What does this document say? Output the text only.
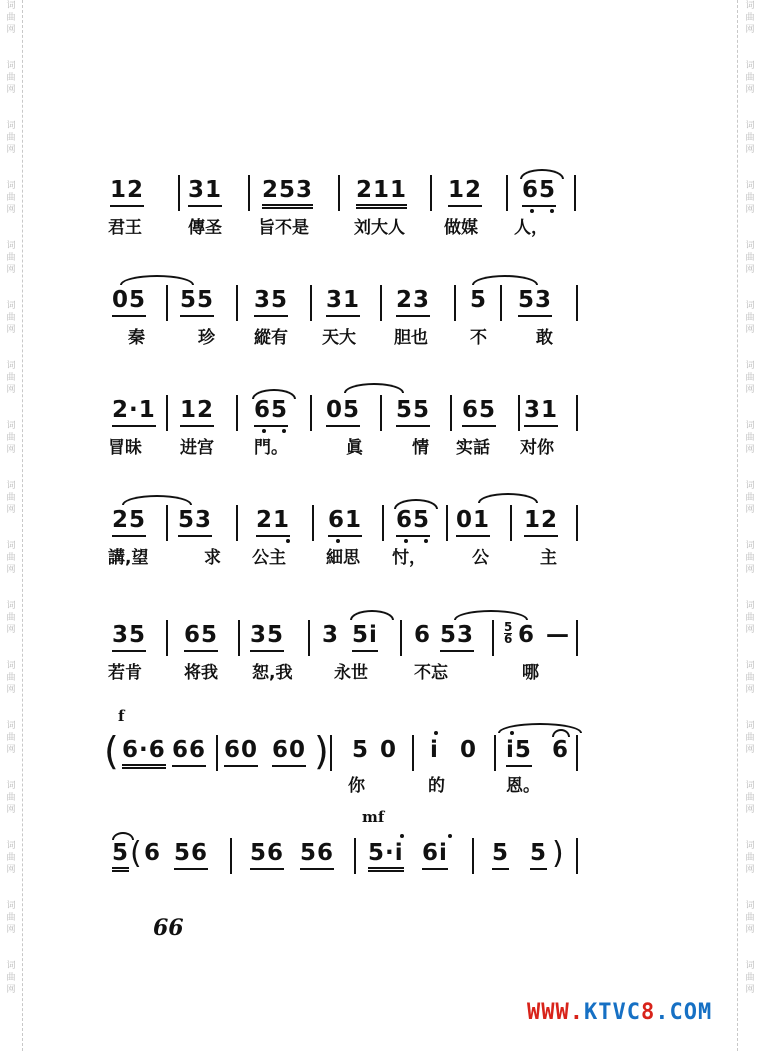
词
曲
网
词
曲
网
词
曲
网
词
曲
网
词
曲
网
词
曲
网
词
曲
网
词
曲
网
词
曲
网
词
曲
网
词
曲
网
词
曲
网
词
曲
网
词
曲
网
词
曲
网
词
曲
网
词
曲
网
词
曲
网
词
曲
网
词
曲
网
词
曲
网
词
曲
网
词
曲
网
词
曲
网
词
曲
网
词
曲
网
词
曲
网
词
曲
网
词
曲
网
词
曲
网
词
曲
网
词
曲
网
词
曲
网
词
曲
网
12 31 253 211 12 65
君王	傳圣 旨不是	刘大人 做媒 人，
05 55 35 31 23 5 53
秦	珍 縱有 天大 胆也 不	敢
2·1 12 65 05 55 65 31
冒昧 进宫 門。	眞	情 实話 对你
25 53 21 61 65 01 12
講,望	求 公主 細思 忖，	公	主
35 65 35 3 5i 6 $53 \frac{5}{6} 6$ —
若肯 将我 恕,我 永世	不忘	哪
f
( 6·6 66 60 60 ) 5 0 i 0 i5 6
你	的	恩。
mf
5 ( 6 56 56 56 5·i 6i 5 5 )
66
WWW.KTVC8.COM
